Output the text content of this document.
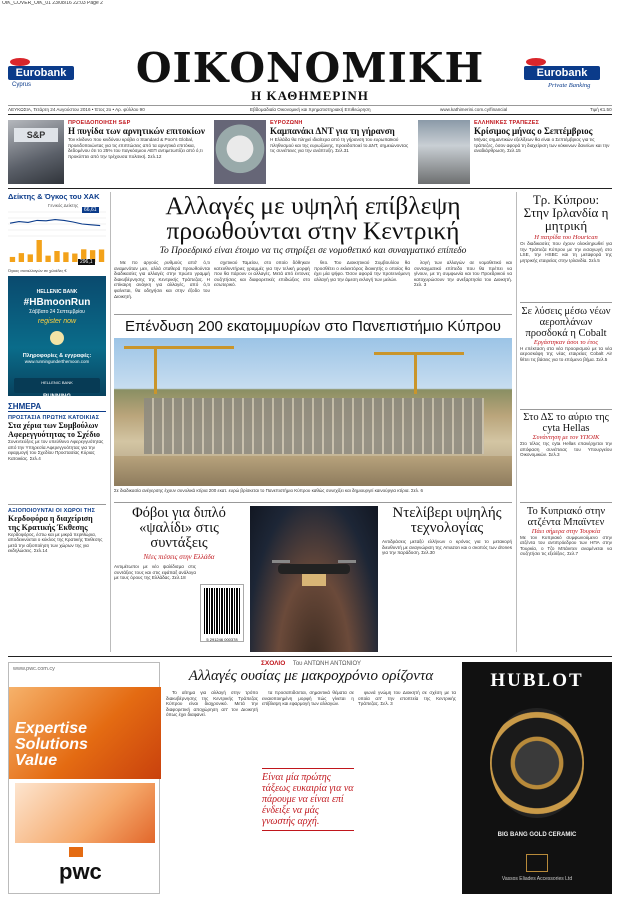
OIK_COVER_OIK_01 23/08/16 22:03 Page 2
Eurobank
Cyprus	ΟΙΚΟΝΟΜΙΚΗ
Η ΚΑΘΗΜΕΡΙΝΗ
Eurobank
Private Banking
ΛΕΥΚΩΣΙΑ, Τετάρτη 24 Αυγούστου 2016 • Έτος 2ο • Αρ. φύλλου 90	Εβδομαδιαία Οικονομική και Χρηματιστηριακή Επιθεώρηση	www.kathimerini.com.cy/financial	Τιμή €1.50
S&P
ΠΡΟΕΙΔΟΠΟΙΗΣΗ S&P
Η πυγίδα των αρνητικών επιτοκίων
Τον κίνδυνο που κινδύνου κρύβει ο Standard & Poor's Global, προειδοποιώντας για τις επιπτώσεις από τα αρνητικά επιτόκια, δεδομένου ότι το 25% του παγκόσμιου ΑΕΠ αντιμετωπίζει από ό,τι προκύπτει από την τρέχουσα πολιτική. Σελ.12
ΕΥΡΟΖΩΝΗ
Καμπανάκι ΔΝΤ για τη γήρανση
Η Ελλάδα θα πληγεί ιδιαίτερα από τη γήρανση του ευρωπαϊκού πληθυσμού και της ευρωζώνης, προειδοποιεί το ΔΝΤ, σημειώνοντας τις συνέπειες για την ανάπτυξη. Σελ.31
ΕΛΛΗΝΙΚΕΣ ΤΡΑΠΕΖΕΣ
Κρίσιμος μήνας ο Σεπτέμβριος
Μήνας σημαντικών εξελίξεων θα είναι ο Σεπτέμβριος για τις τράπεζες, όσον αφορά τη διαχείριση των κόκκινων δανείων και την αναδιάρθρωση. Σελ.15
Δείκτης & Όγκος του ΧΑΚ
Γενικός Δείκτης
66,61
296,1
Όγκος συναλλαγών σε χιλιάδες €
HELLENIC BANK
#HBmoonRun
Σάββατο 24 Σεπτεμβρίου
register now
Πληροφορίες & εγγραφές:
www.runningunderthemoon.com
HELLENIC BANK
RUNNING
ΣΗΜΕΡΑ
ΠΡΟΣΤΑΣΙΑ ΠΡΩΤΗΣ ΚΑΤΟΙΚΙΑΣ
Στα χέρια των Συμβούλων Αφερεγγυότητας το Σχέδιο
Συνεντεύξεις με τον υπεύθυνο Αφερεγγυότητας από την Υπηρεσία Αφερεγγυότητας για την εφαρμογή του Σχεδίου Προστασίας Κύριας Κατοικίας. Σελ.4
ΑΞΙΟΠΟΙΟΥΝΤΑΙ ΟΙ ΧΩΡΟΙ ΤΗΣ
Κερδοφόρα η διαχείριση της Κρατικής Έκθεσης
Κερδοφόρος, έστω και με μικρά περιθώρια, αποδεικνύεται ο κύκλος της Κρατικής Έκθεσης μετά την αξιοποίηση των χώρων της για εκδηλώσεις. Σελ.14
Αλλαγές με υψηλή επίβλεψη προωθούνται στην Κεντρική
Το Προεδρικό είναι έτοιμο να τις στηρίξει σε νομοθετικό και συναγματικό επίπεδο
Με πο αργούς ρυθμούς από' ό,τι αναμενόταν μεν, αλλά σταθερά προωθούνται διαδικασίες για αλλαγές στην πρώτο γραμμή διακυβέρνησης της Κεντρικής Τράπεζας. Η επίκαιρη ανάγκη για αλλαγές, από ό,τι φαίνεται, θα οδηγήσει και στην έξοδο του Διοικητή.
σχετικού Ταμείου, στο οποίο δόθηκαν κατευθυντήριες γραμμές για την τελική μορφή που θα πάρουν οι αλλαγές. Μετά από έντονες συζητήσεις και διαφορετικές επιδιώξεις στο εσωτερικό.
θεο. Του Διοικητικού Συμβουλίου θα προσθέτει ο εκλεκτόρος διοικητής ο οποίος θα έχει μία ψήφο. Όσον αφορά την προτεινόμενη αλλαγή για την άμεση εκλογή των μελών.
λογή των αλλαγών σε νομοθετικό και συνταγματικό επίπεδο που θα πρέπει να γίνουν, με τη συμφωνία και του Προεδρικού να κατοχυρώσουν την ανεξαρτησία του Διοικητή. Σελ. 3
Τρ. Κύπρου: Στην Ιρλανδία η μητρική
Η πατρίδα του Hourican
Οι διαδικασίες που έχουν ολοκληρωθεί για την Τράπεζα Κύπρου με την εισαγωγή στο LSE, την HSBC και τη μεταφορά της μητρικής εταιρείας στην Ιρλανδία. Σελ.5
Σε λύσεις μέσω νέων αεροπλάνων προσδοκά η Cobalt
Εργάστηκαν άσοι το έτος
Η επέκταση στα νέα προορισμού με τα νέα αεροσκάφη της νέας εταιρείας Cobalt Air θέτει τις βάσεις για το επόμενο βήμα. Σελ.5
Στο ΔΣ το αύριο της cyta Hellas
Συνάντηση με τον ΥΠΟΙΚ
Στο τέλος της cyta Hellas επανέρχεται την απόφαση συνέπειας του Υπουργείου Οικονομικών. Σελ.3
Το Κυπριακό στην ατζέντα Μπαϊντεν
Πάει σήμερα στην Τουρκία
Με τον Κυπριακό συμφωνούμενο στην ατζέντα του αντιπρόεδρου των ΗΠΑ στην Τουρκία, ο Τζο Μπάιντεν αναμένεται να συζητήσει τις εξελίξεις. Σελ.7
Επένδυση 200 εκατομμυρίων στο Πανεπιστήμιο Κύπρου
Σε διαδικασία ανέγερσης έχουν συνολικά κτίρια 200 εκατ. ευρώ βρίσκεται το Πανεπιστήμιο Κύπρου καθώς συνεχίζει και δημιουργεί καινούργια κτίρια. Σελ. 6
Φόβοι για διπλό «ψαλίδι» στις συντάξεις
Νέες πιέσεις στην Ελλάδα
Αντιμέτωποι με νέο ψαλίδισμα στις συντάξεις τους και στις εφάπαξ ανάλογα με τους όρους της Ελλάδας. Σελ.18
5 291246 000378
Ντελίβερι υψηλής τεχνολογίας
Αντιδράσεις μεταξύ ελλήνων ο κρόνος για το μετακορή διευθυντή με αναγνώριση της Amazon και ο σκοπός των drones για την παράδοση. Σελ.30
www.pwc.com.cy
Expertise
Solutions
Value
pwc
ΣΧΟΛΙΟ Του ΑΝΤΩΝΗ ΑΝΤΩΝΙΟΥ
Αλλαγές ουσίας με μακροχρόνιο ορίζοντα
Το αίτημα για αλλαγή στην τρόπο διακυβέρνησης της Κεντρικής Τράπεζας Κύπρου είναι διαχρονικό. Μετά την διαφορετική αποχώρηση απ' τον Διοικητή όπως έχει διαφανεί.
τα προσαπιδσεται, σημαντικά θέματα σε ενιαιοποιημένη μορφή πώς γίνεται η επίβλεψη και εφαρμογή των αλλαγών.
Είναι μία πρώτης τάξεως ευκαιρία για να πάρουμε να είναι επί ένδειξε να μάς γνωστής αρχή.
φωνά γνώμη του Διοικητή σε σχέση με τα οποία απ' την εποπτεία της Κεντρικής Τράπεζας. Σελ. 3
HUBLOT
BIG BANG GOLD CERAMIC
Vassos Eliades Accessories Ltd
